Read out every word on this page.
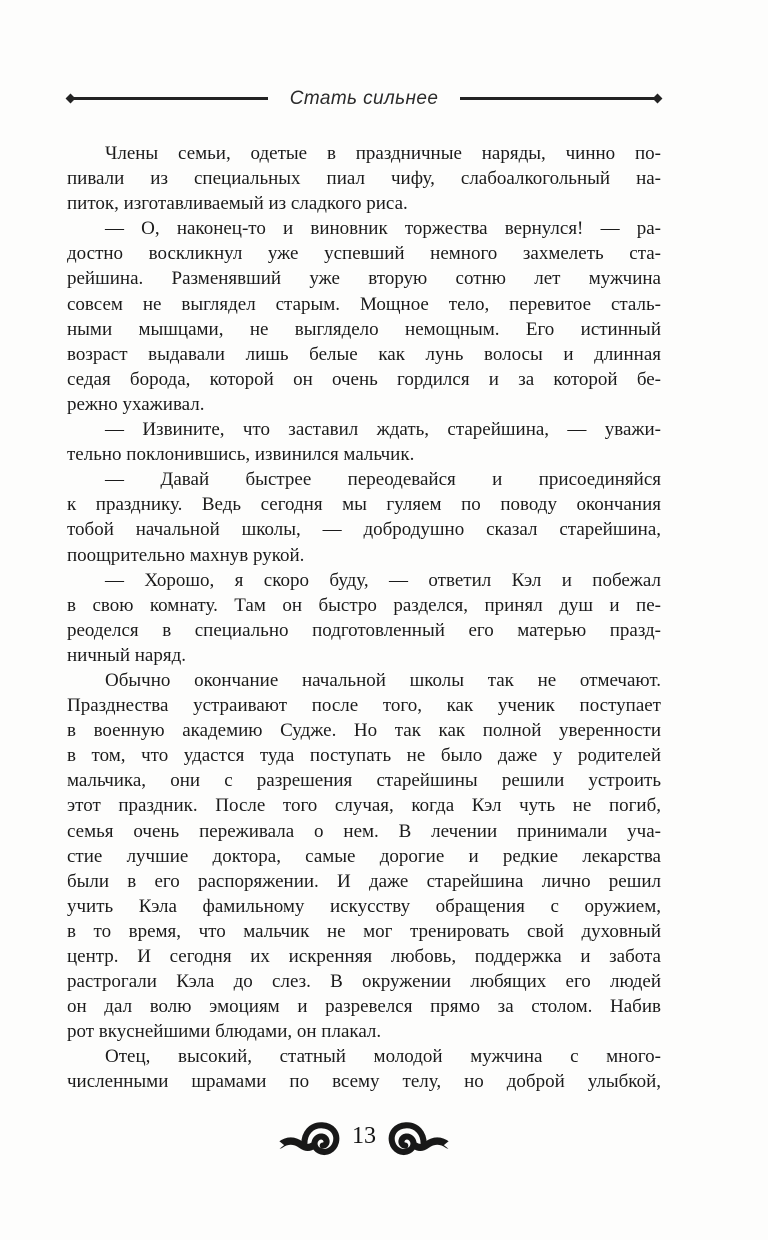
Стать сильнее
Члены семьи, одетые в праздничные наряды, чинно по-
пивали из специальных пиал чифу, слабоалкогольный на-
питок, изготавливаемый из сладкого риса.
— О, наконец-то и виновник торжества вернулся! — ра-
достно воскликнул уже успевший немного захмелеть ста-
рейшина. Разменявший уже вторую сотню лет мужчина
совсем не выглядел старым. Мощное тело, перевитое сталь-
ными мышцами, не выглядело немощным. Его истинный
возраст выдавали лишь белые как лунь волосы и длинная
седая борода, которой он очень гордился и за которой бе-
режно ухаживал.
— Извините, что заставил ждать, старейшина, — уважи-
тельно поклонившись, извинился мальчик.
— Давай быстрее переодевайся и присоединяйся
к празднику. Ведь сегодня мы гуляем по поводу окончания
тобой начальной школы, — добродушно сказал старейшина,
поощрительно махнув рукой.
— Хорошо, я скоро буду, — ответил Кэл и побежал
в свою комнату. Там он быстро разделся, принял душ и пе-
реоделся в специально подготовленный его матерью празд-
ничный наряд.
Обычно окончание начальной школы так не отмечают.
Празднества устраивают после того, как ученик поступает
в военную академию Судже. Но так как полной уверенности
в том, что удастся туда поступать не было даже у родителей
мальчика, они с разрешения старейшины решили устроить
этот праздник. После того случая, когда Кэл чуть не погиб,
семья очень переживала о нем. В лечении принимали уча-
стие лучшие доктора, самые дорогие и редкие лекарства
были в его распоряжении. И даже старейшина лично решил
учить Кэла фамильному искусству обращения с оружием,
в то время, что мальчик не мог тренировать свой духовный
центр. И сегодня их искренняя любовь, поддержка и забота
растрогали Кэла до слез. В окружении любящих его людей
он дал волю эмоциям и разревелся прямо за столом. Набив
рот вкуснейшими блюдами, он плакал.
Отец, высокий, статный молодой мужчина с много-
численными шрамами по всему телу, но доброй улыбкой,
13
